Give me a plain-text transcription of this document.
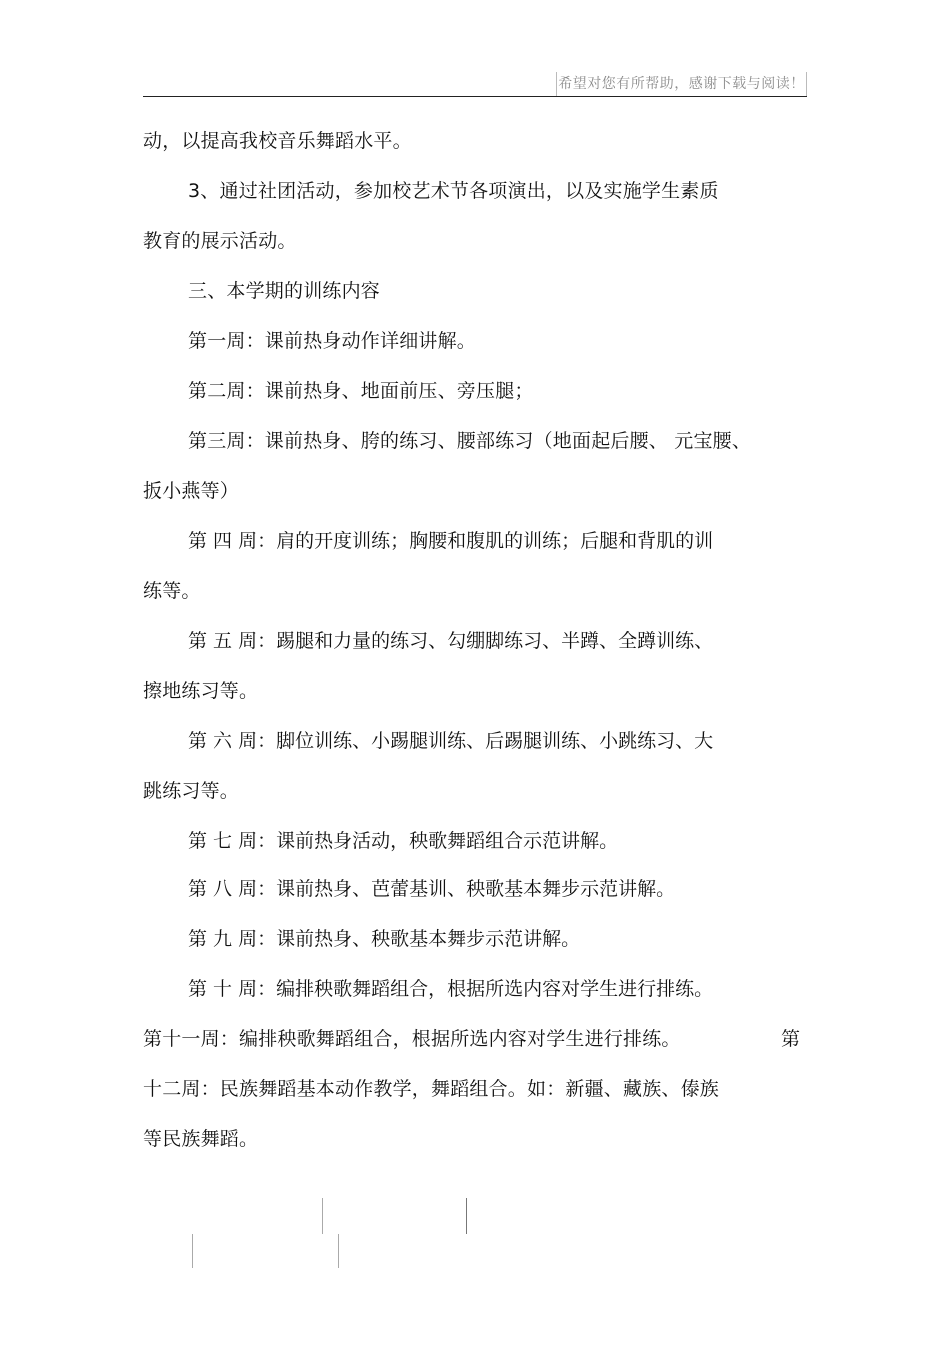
希望对您有所帮助，感谢下载与阅读！
动，以提高我校音乐舞蹈水平。
3、通过社团活动，参加校艺术节各项演出，以及实施学生素质
教育的展示活动。
三、本学期的训练内容
第一周：课前热身动作详细讲解。
第二周：课前热身、地面前压、旁压腿；
第三周：课前热身、胯的练习、腰部练习（地面起后腰、 元宝腰、
扳小燕等）
第 四 周：肩的开度训练；胸腰和腹肌的训练；后腿和背肌的训
练等。
第 五 周：踢腿和力量的练习、勾绷脚练习、半蹲、全蹲训练、
擦地练习等。
第 六 周：脚位训练、小踢腿训练、后踢腿训练、小跳练习、大
跳练习等。
第 七 周：课前热身活动，秧歌舞蹈组合示范讲解。
第 八 周：课前热身、芭蕾基训、秧歌基本舞步示范讲解。
第 九 周：课前热身、秧歌基本舞步示范讲解。
第 十 周：编排秧歌舞蹈组合，根据所选内容对学生进行排练。
第十一周：编排秧歌舞蹈组合，根据所选内容对学生进行排练。	第
十二周：民族舞蹈基本动作教学，舞蹈组合。如：新疆、藏族、傣族
等民族舞蹈。
